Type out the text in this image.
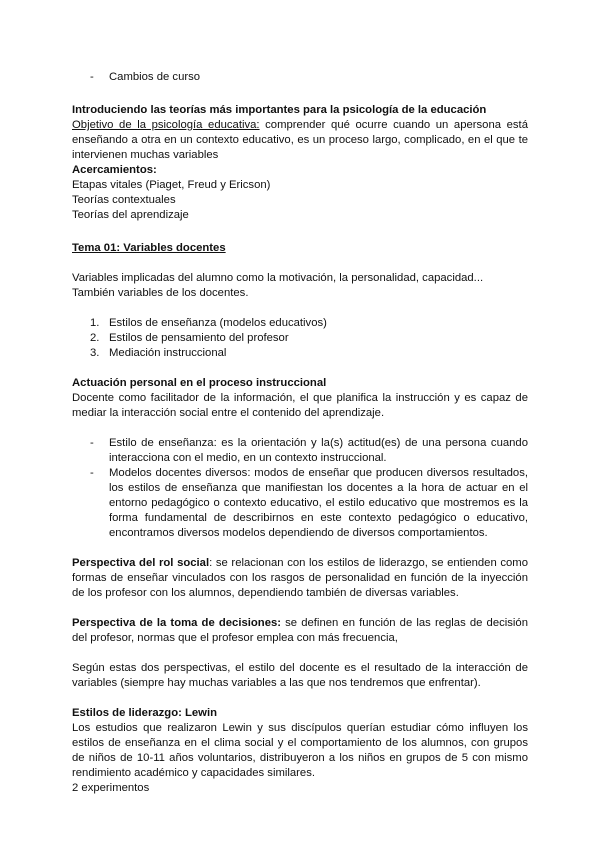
- Cambios de curso

Introduciendo las teorías más importantes para la psicología de la educación

Objetivo de la psicología educativa: comprender qué ocurre cuando un apersona está enseñando a otra en un contexto educativo, es un proceso largo, complicado, en el que te intervienen muchas variables

Acercamientos:

Etapas vitales (Piaget, Freud y Ericson)

Teorías contextuales

Teorías del aprendizaje

Tema 01: Variables docentes

Variables implicadas del alumno como la motivación, la personalidad, capacidad... También variables de los docentes.

1. Estilos de enseñanza (modelos educativos)
2. Estilos de pensamiento del profesor
3. Mediación instruccional

Actuación personal en el proceso instruccional

Docente como facilitador de la información, el que planifica la instrucción y es capaz de mediar la interacción social entre el contenido del aprendizaje.

- Estilo de enseñanza: es la orientación y la(s) actitud(es) de una persona cuando interacciona con el medio, en un contexto instruccional.
- Modelos docentes diversos: modos de enseñar que producen diversos resultados, los estilos de enseñanza que manifiestan los docentes a la hora de actuar en el entorno pedagógico o contexto educativo, el estilo educativo que mostremos es la forma fundamental de describirnos en este contexto pedagógico o educativo, encontramos diversos modelos dependiendo de diversos comportamientos.

Perspectiva del rol social: se relacionan con los estilos de liderazgo, se entienden como formas de enseñar vinculados con los rasgos de personalidad en función de la inyección de los profesor con los alumnos, dependiendo también de diversas variables.

Perspectiva de la toma de decisiones: se definen en función de las reglas de decisión del profesor, normas que el profesor emplea con más frecuencia,

Según estas dos perspectivas, el estilo del docente es el resultado de la interacción de variables (siempre hay muchas variables a las que nos tendremos que enfrentar).

Estilos de liderazgo: Lewin

Los estudios que realizaron Lewin y sus discípulos querían estudiar cómo influyen los estilos de enseñanza en el clima social y el comportamiento de los alumnos, con grupos de niños de 10-11 años voluntarios, distribuyeron a los niños en grupos de 5 con mismo rendimiento académico y capacidades similares.

2 experimentos
